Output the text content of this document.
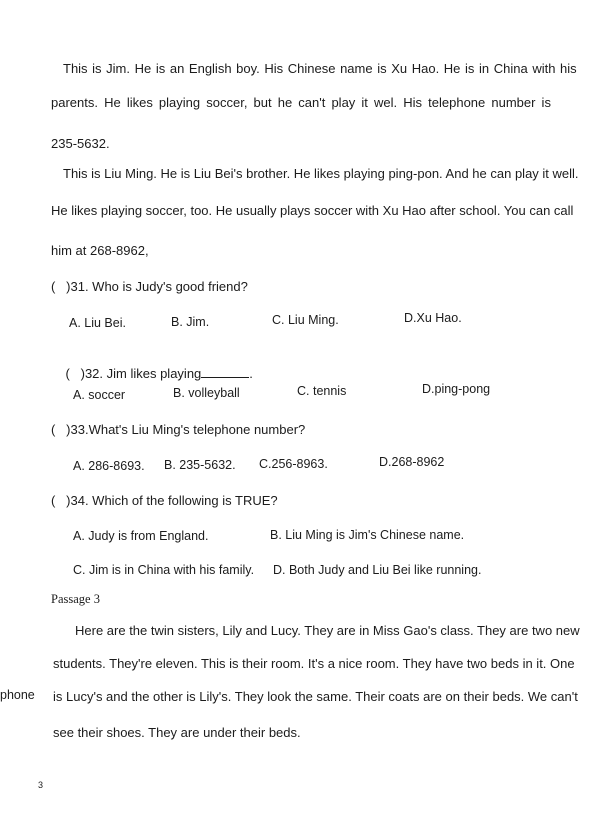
This is Jim. He is an English boy. His Chinese name is Xu Hao. He is in China with his
parents. He likes playing soccer, but he can't play it wel. His telephone number is
235-5632.
This is Liu Ming. He is Liu Bei's brother. He likes playing ping-pon. And he can play it well.
He likes playing soccer, too. He usually plays soccer with Xu Hao after school. You can call
him at 268-8962,
(   )31. Who is Judy's good friend?
A. Liu Bei.	B. Jim.	C. Liu Ming.	D.Xu Hao.

(   )32. Jim likes playing	.

A. soccer	B. volleyball	C. tennis	D.ping-pong
(   )33.What's Liu Ming's telephone number?
A. 286-8693. B. 235-5632. C.256-8963.	D.268-8962
(   )34. Which of the following is TRUE?
A. Judy is from England.	B. Liu Ming is Jim's Chinese name.
C. Jim is in China with his family. D. Both Judy and Liu Bei like running.
Passage 3
Here are the twin sisters, Lily and Lucy. They are in Miss Gao's class. They are two new
students. They're eleven. This is their room. It's a nice room. They have two beds in it. One
is Lucy's and the other is Lily's. They look the same. Their coats are on their beds. We can't
see their shoes. They are under their beds.
phone
3
